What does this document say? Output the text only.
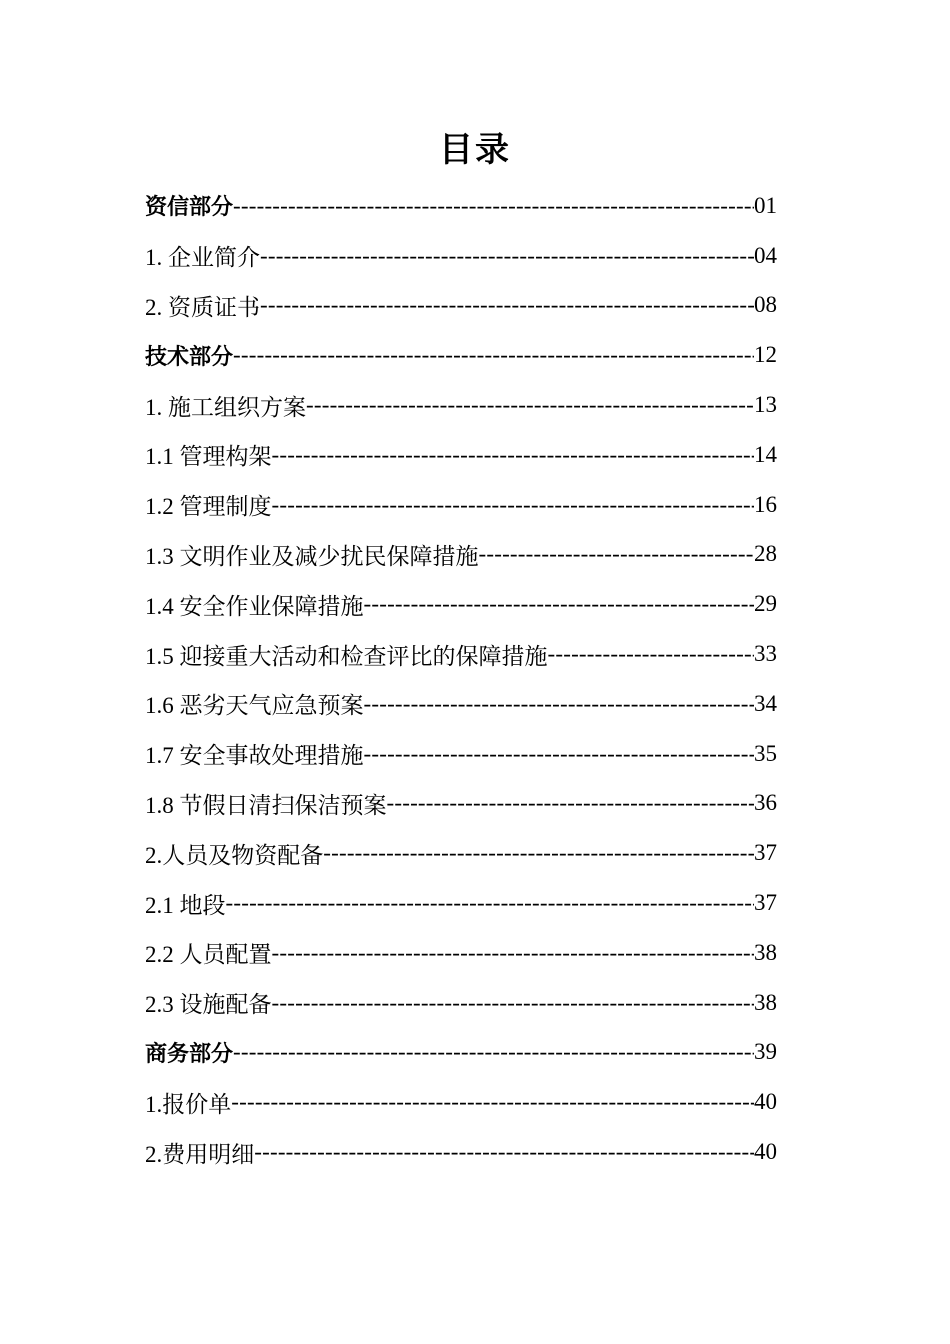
目录
资信部分 -----	01
1. 企业简介 -----	04
2. 资质证书 -----	08
技术部分 -----	12
1. 施工组织方案 -----	13
1.1 管理构架 -----	14
1.2 管理制度 -----	16
1.3 文明作业及减少扰民保障措施 -----	28
1.4 安全作业保障措施 -----	29
1.5 迎接重大活动和检查评比的保障措施 -----	33
1.6 恶劣天气应急预案 -----	34
1.7 安全事故处理措施 -----	35
1.8 节假日清扫保洁预案 -----	36
2.人员及物资配备 -----	37
2.1 地段 -----	37
2.2 人员配置 -----	38
2.3 设施配备 -----	38
商务部分 -----	39
1.报价单 -----	40
2.费用明细 -----	40
